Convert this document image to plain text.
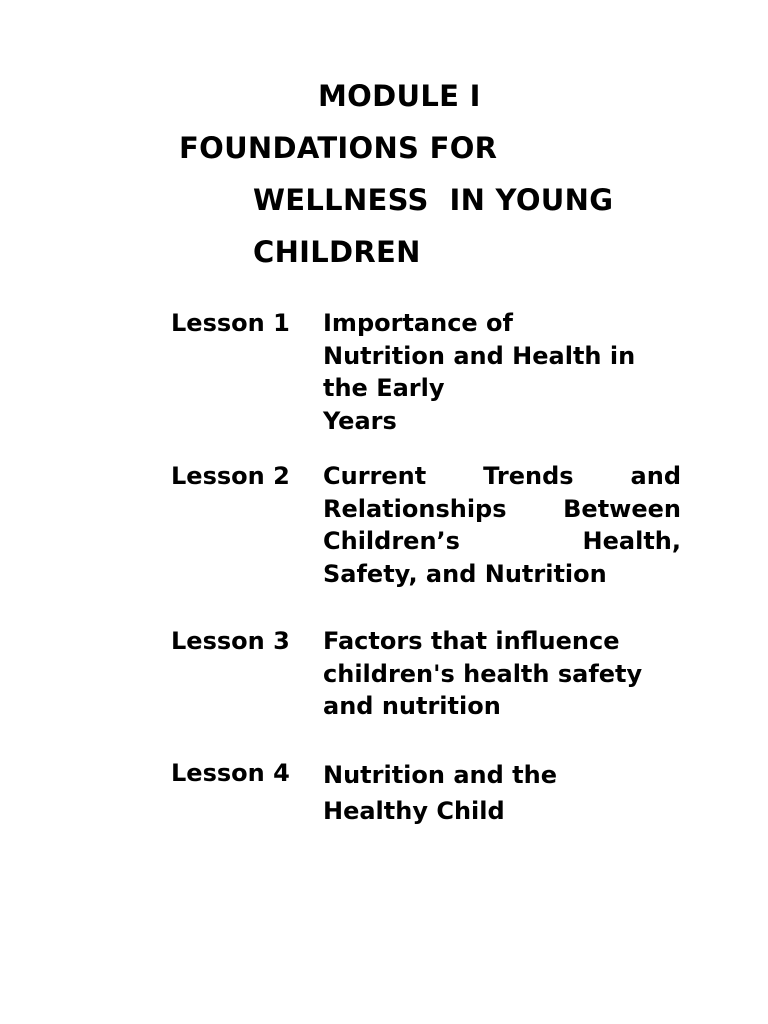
MODULE I
FOUNDATIONS FOR
WELLNESS  IN YOUNG
CHILDREN
Lesson 1 Importance of
Nutrition and Health in
the Early
Years
Lesson 2 Current Trends and
Relationships Between
Children’s	Health,
Safety, and Nutrition
Lesson 3 Factors that influence
children's health safety
and nutrition
Lesson 4 Nutrition and the
Healthy Child
